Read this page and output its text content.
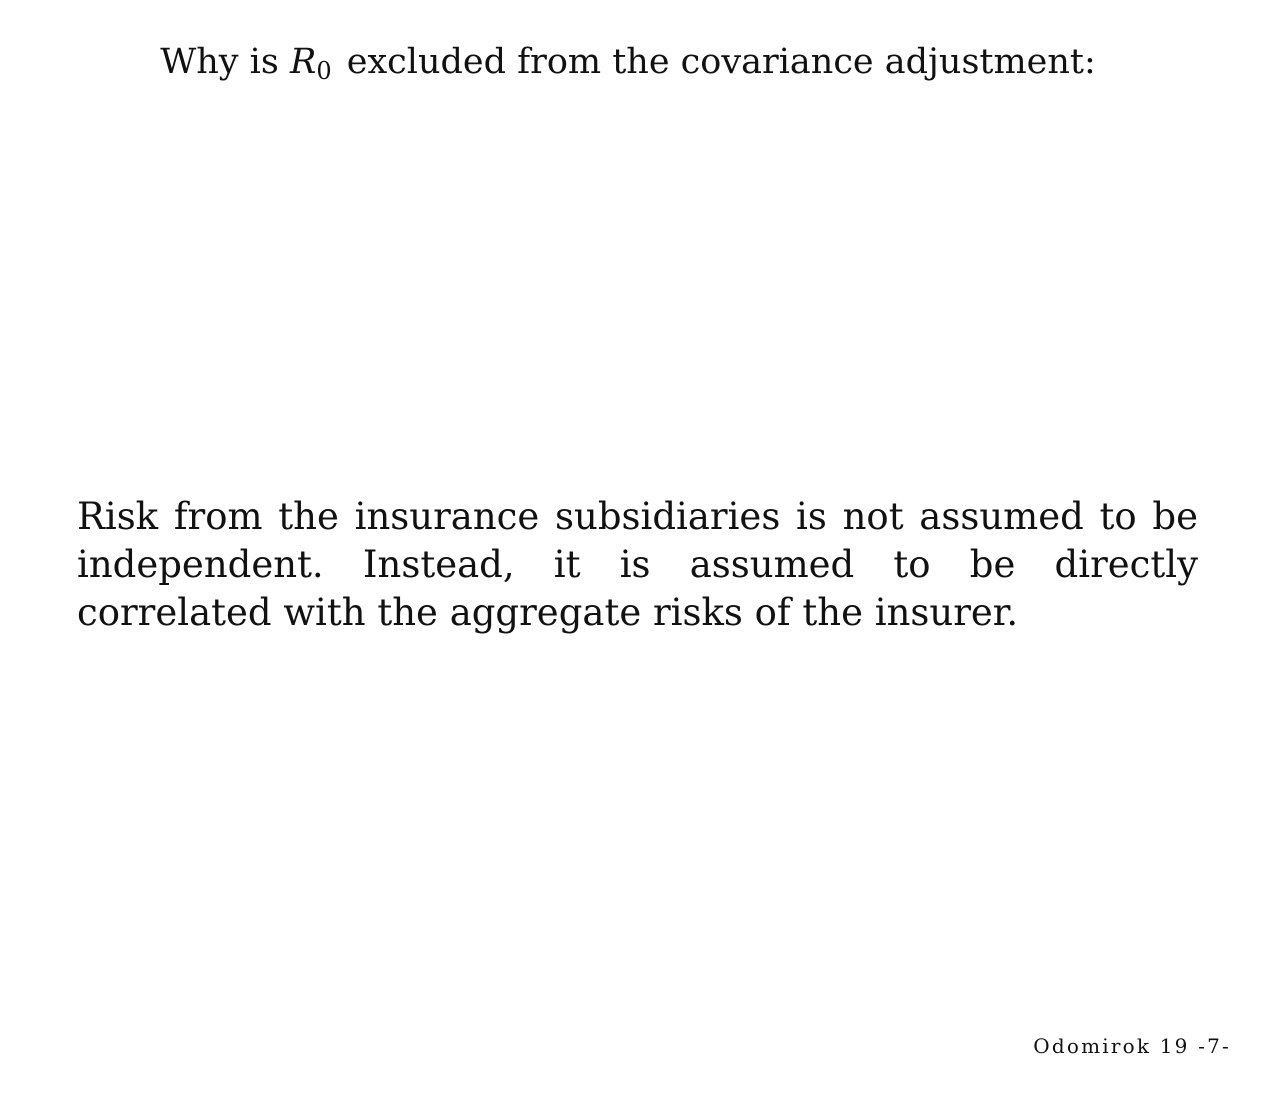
Why is R0 excluded from the covariance adjustment:

Risk from the insurance subsidiaries is not assumed to be independent. Instead, it is assumed to be directly correlated with the aggregate risks of the insurer.

Odomirok 19 -7-
